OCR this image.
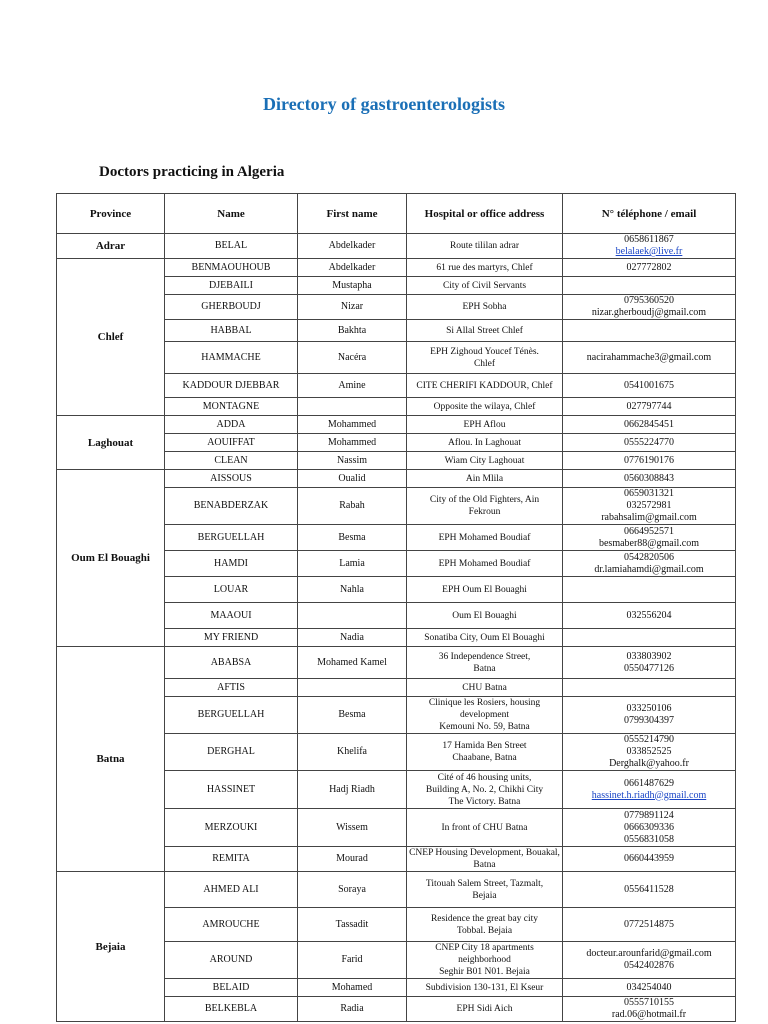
Directory of gastroenterologists
Doctors practicing in Algeria
Province	Name	First name	Hospital or office address	N° téléphone / email
Adrar	BELAL	Abdelkader	Route tililan adrar	0658611867
belalaek@live.fr

Chlef	BENMAOUHOUB	Abdelkader	61 rue des martyrs, Chlef	027772802

	DJEBAILI	Mustapha	City of Civil Servants	

	GHERBOUDJ	Nizar	EPH Sobha	0795360520
nizar.gherboudj@gmail.com

	HABBAL	Bakhta	Si Allal Street Chlef	

	HAMMACHE	Nacéra	EPH Zighoud Youcef Ténès.
Chlef	nacirahammache3@gmail.com

	KADDOUR DJEBBAR	Amine	CITE CHERIFI KADDOUR, Chlef	0541001675

	MONTAGNE		Opposite the wilaya, Chlef	027797744

Laghouat	ADDA	Mohammed	EPH Aflou	0662845451

	AOUIFFAT	Mohammed	Aflou. In Laghouat	0555224770

	CLEAN	Nassim	Wiam City Laghouat	0776190176

Oum El Bouaghi	AISSOUS	Oualid	Ain Mlila	0560308843

	BENABDERZAK	Rabah	City of the Old Fighters, Ain
Fekroun	0659031321
032572981
rabahsalim@gmail.com

	BERGUELLAH	Besma	EPH Mohamed Boudiaf	0664952571
besmaber88@gmail.com

	HAMDI	Lamia	EPH Mohamed Boudiaf	0542820506
dr.lamiahamdi@gmail.com

	LOUAR	Nahla	EPH Oum El Bouaghi	

	MAAOUI		Oum El Bouaghi	032556204

	MY FRIEND	Nadia	Sonatiba City, Oum El Bouaghi	

Batna	ABABSA	Mohamed Kamel	36 Independence Street,
Batna	033803902
0550477126

	AFTIS		CHU Batna	

	BERGUELLAH	Besma	Clinique les Rosiers, housing development
Kemouni No. 59, Batna	033250106
0799304397

	DERGHAL	Khelifa	17 Hamida Ben Street
Chaabane, Batna	0555214790
033852525
Derghalk@yahoo.fr

	HASSINET	Hadj Riadh	Cité of 46 housing units,
Building A, No. 2, Chikhi City
The Victory. Batna	0661487629
hassinet.h.riadh@gmail.com

	MERZOUKI	Wissem	In front of CHU Batna	0779891124
0666309336
0556831058

	REMITA	Mourad	CNEP Housing Development, Bouakal,
Batna	0660443959

Bejaia	AHMED ALI	Soraya	Titouah Salem Street, Tazmalt,
Bejaia	0556411528

	AMROUCHE	Tassadit	Residence the great bay city
Tobbal. Bejaia	0772514875

	AROUND	Farid	CNEP City 18 apartments neighborhood
Seghir B01 N01. Bejaia	docteur.arounfarid@gmail.com
0542402876

	BELAID	Mohamed	Subdivision 130-131, El Kseur	034254040

	BELKEBLA	Radia	EPH Sidi Aich	0555710155
rad.06@hotmail.fr
